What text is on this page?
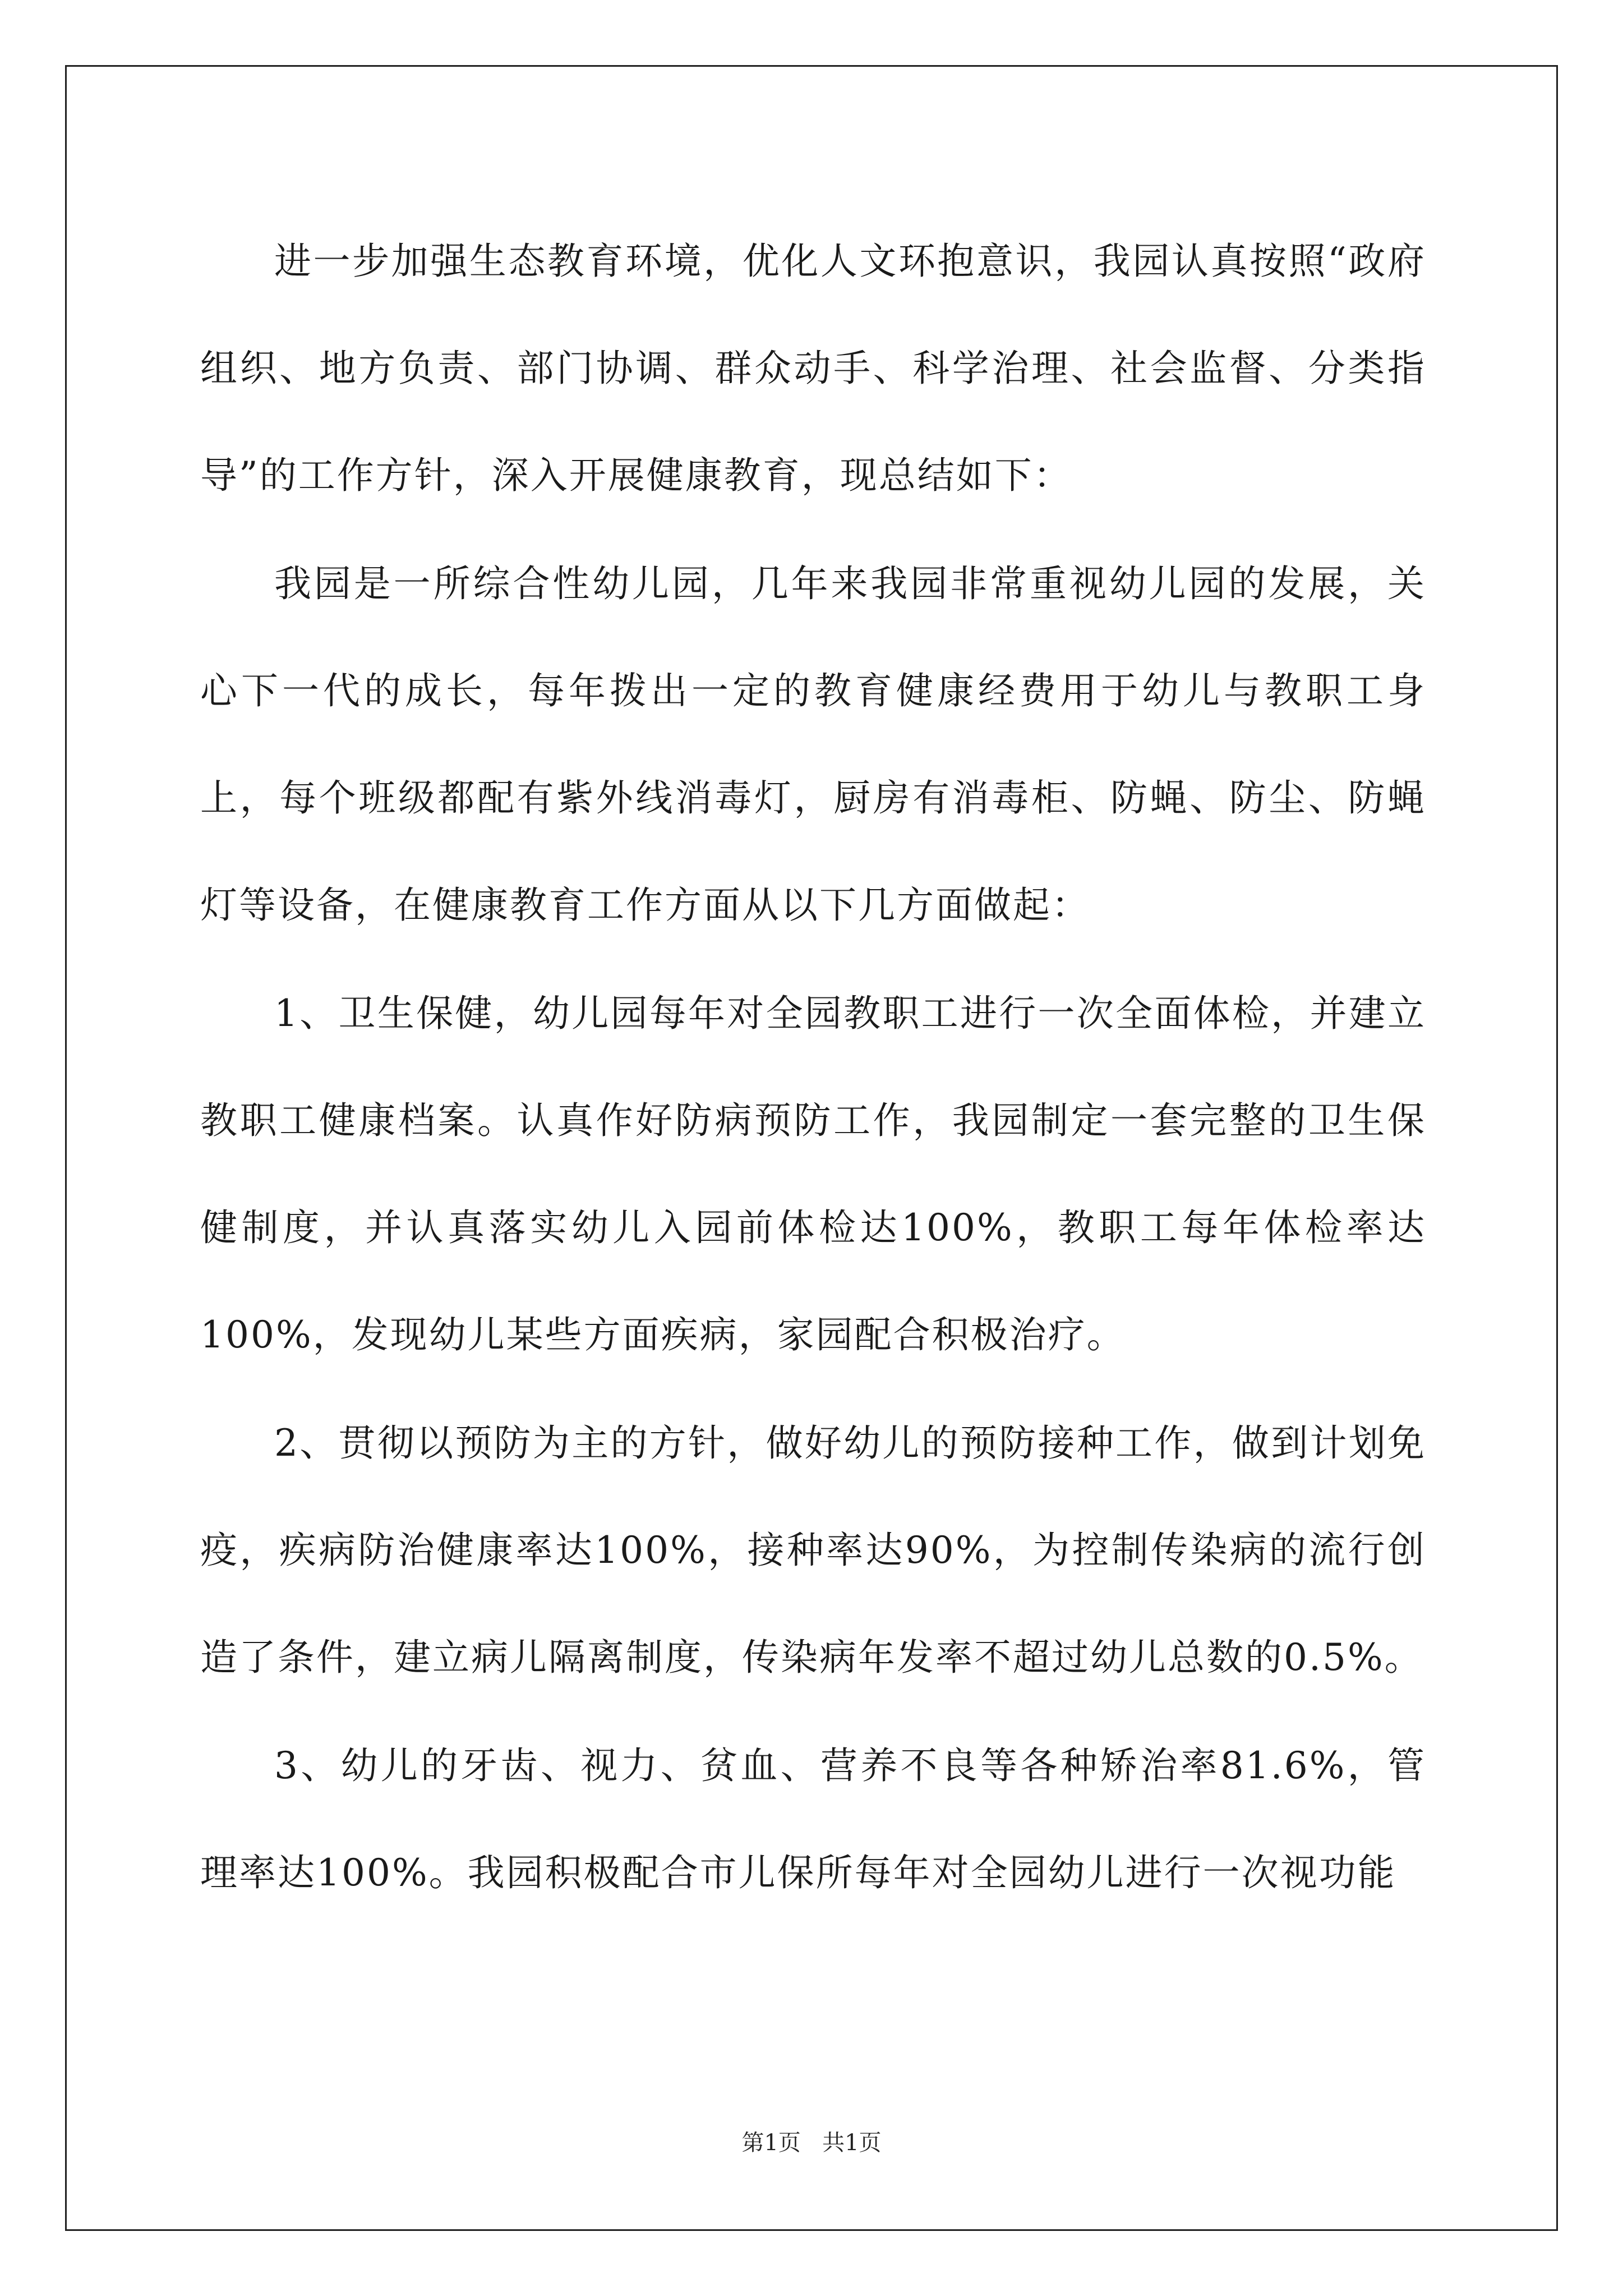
进一步加强生态教育环境，优化人文环抱意识，我园认真按照“政府组织、地方负责、部门协调、群众动手、科学治理、社会监督、分类指导”的工作方针，深入开展健康教育，现总结如下：

我园是一所综合性幼儿园，几年来我园非常重视幼儿园的发展，关心下一代的成长，每年拨出一定的教育健康经费用于幼儿与教职工身上，每个班级都配有紫外线消毒灯，厨房有消毒柜、防蝇、防尘、防蝇灯等设备，在健康教育工作方面从以下几方面做起：

1、卫生保健，幼儿园每年对全园教职工进行一次全面体检，并建立教职工健康档案。认真作好防病预防工作，我园制定一套完整的卫生保健制度，并认真落实幼儿入园前体检达100%，教职工每年体检率达100%，发现幼儿某些方面疾病，家园配合积极治疗。

2、贯彻以预防为主的方针，做好幼儿的预防接种工作，做到计划免疫，疾病防治健康率达100%，接种率达90%，为控制传染病的流行创造了条件，建立病儿隔离制度，传染病年发率不超过幼儿总数的0.5%。

3、幼儿的牙齿、视力、贫血、营养不良等各种矫治率81.6%，管理率达100%。我园积极配合市儿保所每年对全园幼儿进行一次视功能

第1页 共1页
